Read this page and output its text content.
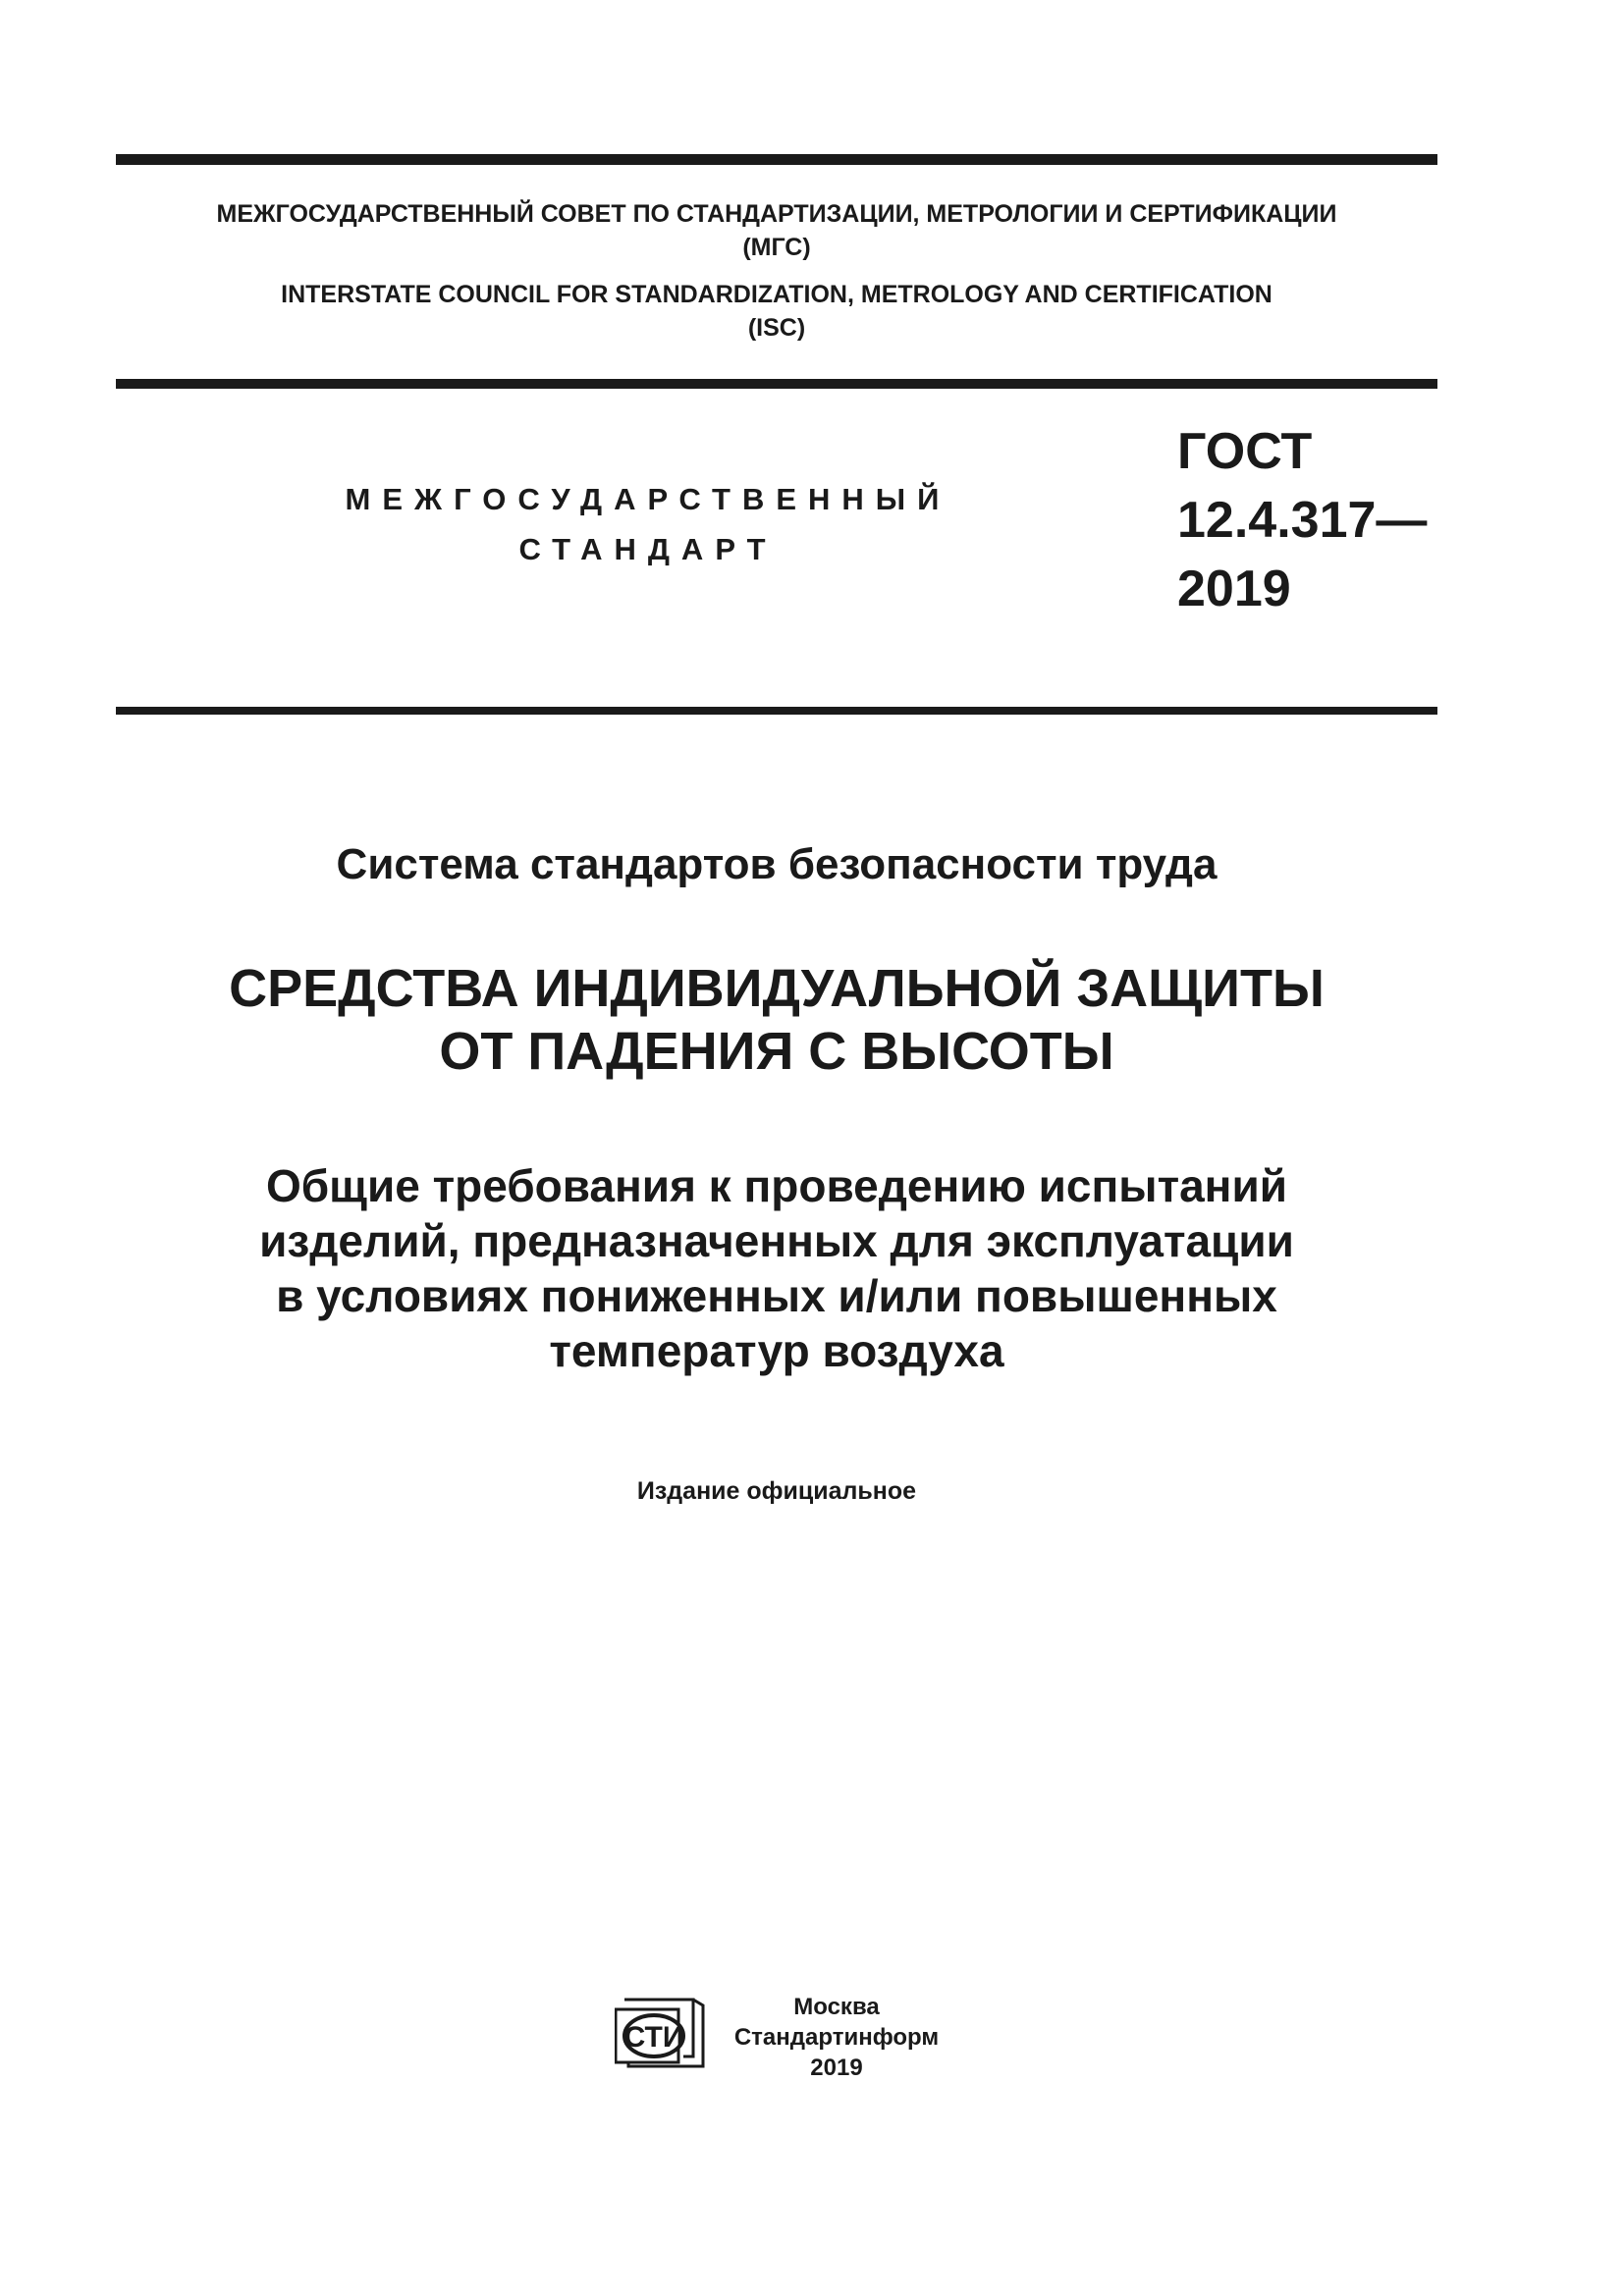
МЕЖГОСУДАРСТВЕННЫЙ СОВЕТ ПО СТАНДАРТИЗАЦИИ, МЕТРОЛОГИИ И СЕРТИФИКАЦИИ
(МГС)
INTERSTATE COUNCIL FOR STANDARDIZATION, METROLOGY AND CERTIFICATION
(ISC)
МЕЖГОСУДАРСТВЕННЫЙ
СТАНДАРТ
ГОСТ
12.4.317—
2019
Система стандартов безопасности труда
СРЕДСТВА ИНДИВИДУАЛЬНОЙ ЗАЩИТЫ
ОТ ПАДЕНИЯ С ВЫСОТЫ
Общие требования к проведению испытаний
изделий, предназначенных для эксплуатации
в условиях пониженных и/или повышенных
температур воздуха
Издание официальное
СТИ
Москва
Стандартинформ
2019
